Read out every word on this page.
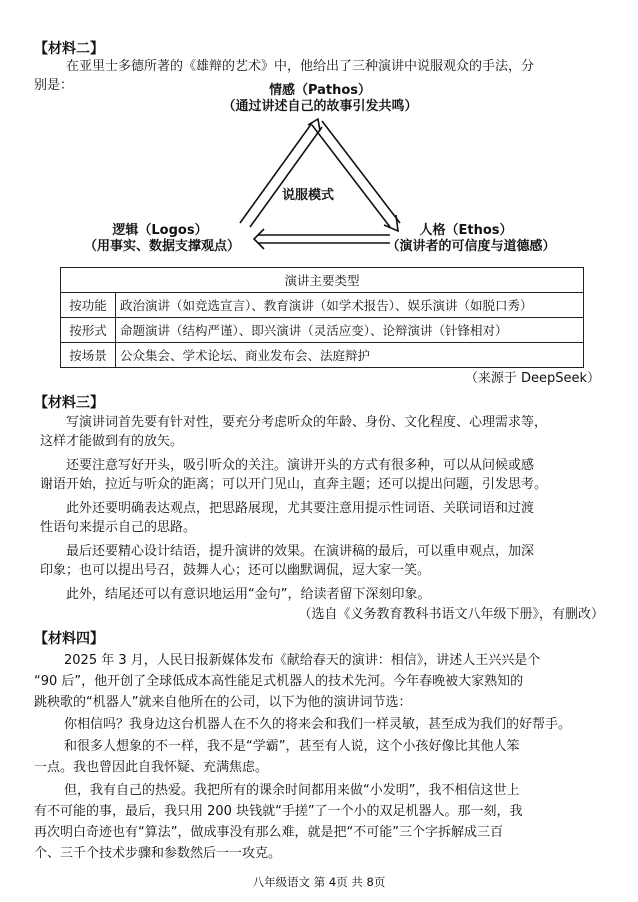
【材料二】
在亚里士多德所著的《雄辩的艺术》中，他给出了三种演讲中说服观众的手法，分
别是：	情感（Pathos）
（通过讲述自己的故事引发共鸣）
说服模式
逻辑（Logos）
（用事实、数据支撑观点）
人格（Ethos）
（演讲者的可信度与道德感）
演讲主要类型	
按功能	政治演讲（如竞选宣言）、教育演讲（如学术报告）、娱乐演讲（如脱口秀）
按形式	命题演讲（结构严谨）、即兴演讲（灵活应变）、论辩演讲（针锋相对）
按场景	公众集会、学术论坛、商业发布会、法庭辩护
（来源于 DeepSeek）
【材料三】
写演讲词首先要有针对性，要充分考虑听众的年龄、身份、文化程度、心理需求等，
这样才能做到有的放矢。
还要注意写好开头，吸引听众的关注。演讲开头的方式有很多种，可以从问候或感
谢语开始，拉近与听众的距离；可以开门见山，直奔主题；还可以提出问题，引发思考。
此外还要明确表达观点，把思路展现，尤其要注意用提示性词语、关联词语和过渡
性语句来提示自己的思路。
最后还要精心设计结语，提升演讲的效果。在演讲稿的最后，可以重申观点，加深
印象；也可以提出号召，鼓舞人心；还可以幽默调侃，逗大家一笑。
此外，结尾还可以有意识地运用“金句”，给读者留下深刻印象。
（选自《义务教育教科书语文八年级下册》，有删改）
【材料四】
2025 年 3 月，人民日报新媒体发布《献给春天的演讲：相信》，讲述人王兴兴是个
“90 后”，他开创了全球低成本高性能足式机器人的技术先河。今年春晚被大家熟知的
跳秧歌的“机器人”就来自他所在的公司，以下为他的演讲词节选：
你相信吗？我身边这台机器人在不久的将来会和我们一样灵敏，甚至成为我们的好帮手。
和很多人想象的不一样，我不是“学霸”，甚至有人说，这个小孩好像比其他人笨
一点。我也曾因此自我怀疑、充满焦虑。
但，我有自己的热爱。我把所有的课余时间都用来做“小发明”，我不相信这世上
有不可能的事，最后，我只用 200 块钱就“手搓”了一个小的双足机器人。那一刻，我
再次明白奇迹也有“算法”，做成事没有那么难，就是把“不可能”三个字拆解成三百
个、三千个技术步骤和参数然后一一攻克。
八年级语文 第 4页 共 8页
